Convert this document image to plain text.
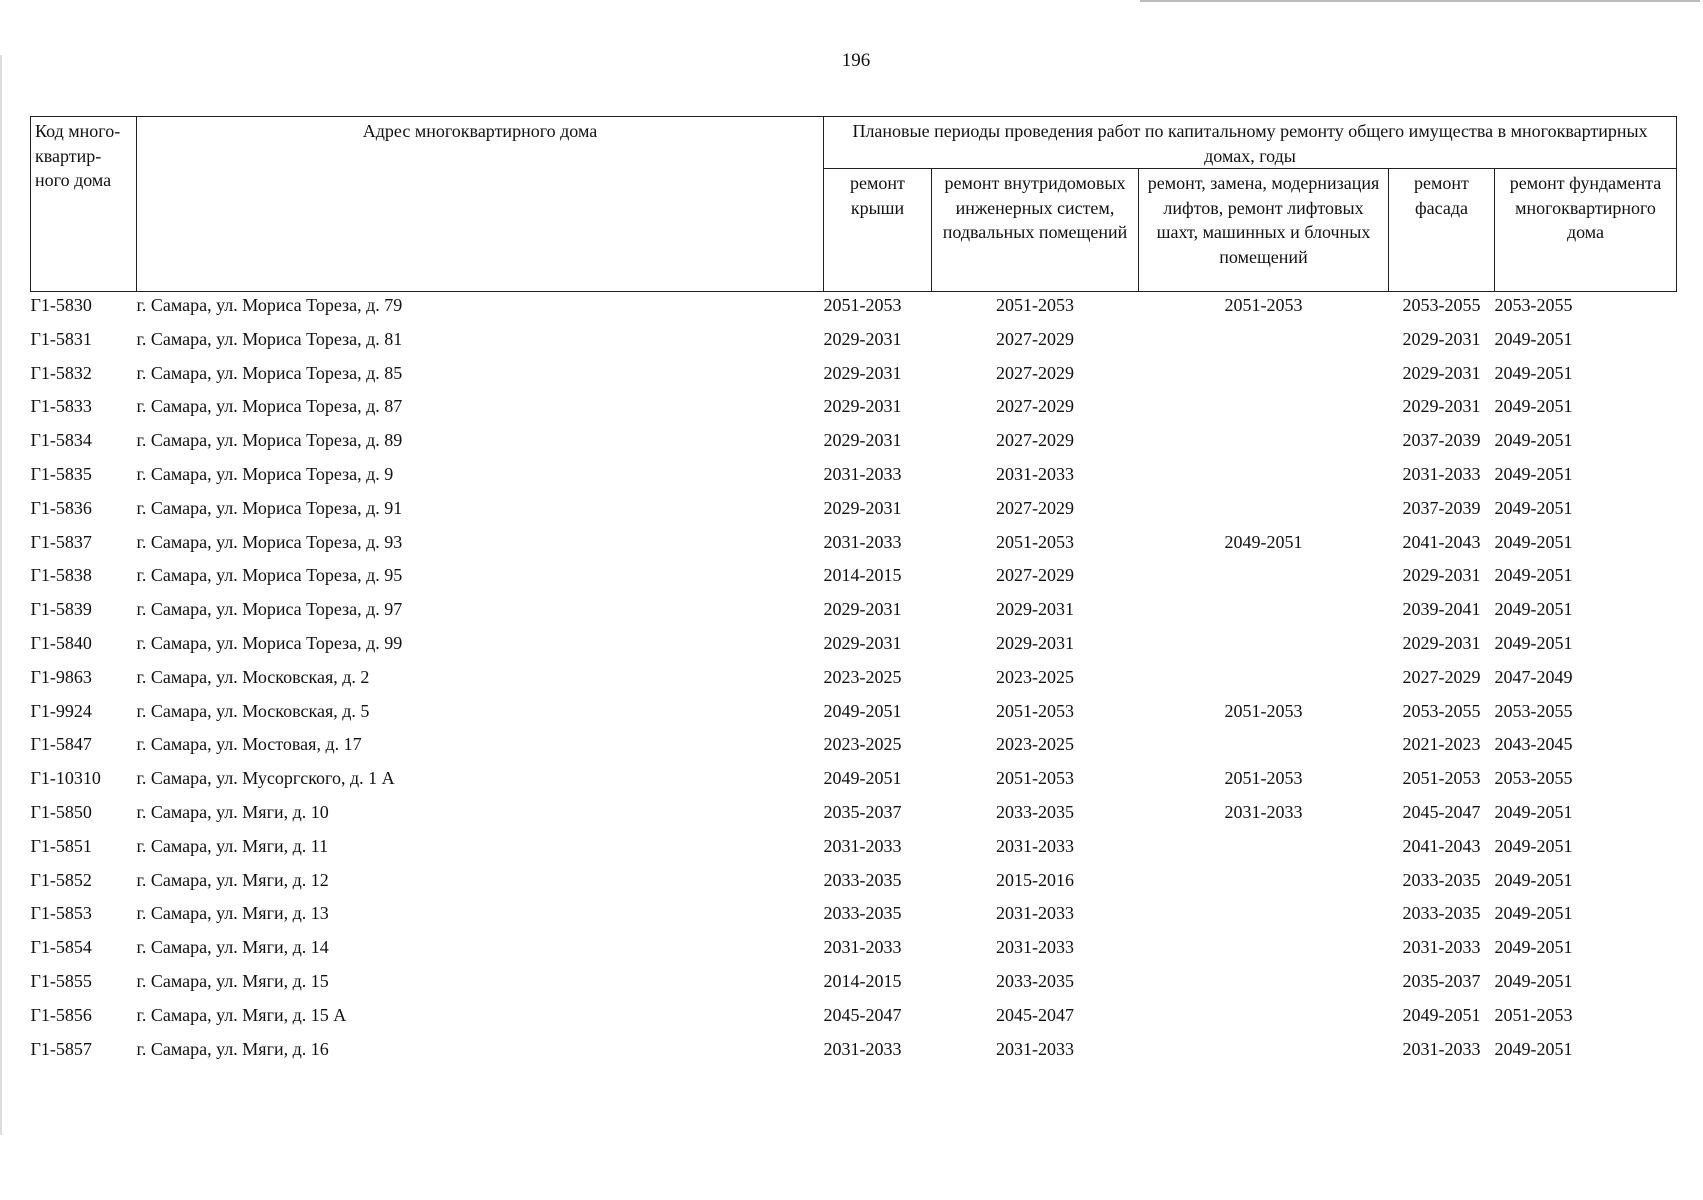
196
Код много-квартир-ного дома	Адрес многоквартирного дома	Плановые периоды проведения работ по капитальному ремонту общего имущества в многоквартирных домах, годы				
		ремонт крыши	ремонт внутридомовых инженерных систем, подвальных помещений	ремонт, замена, модернизация лифтов, ремонт лифтовых шахт, машинных и блочных помещений	ремонт фасада	ремонт фундамента многоквартирного дома
Г1-5830	г. Самара, ул. Мориса Тореза, д. 79	2051-2053	2051-2053	2051-2053	2053-2055	2053-2055
Г1-5831	г. Самара, ул. Мориса Тореза, д. 81	2029-2031	2027-2029		2029-2031	2049-2051
Г1-5832	г. Самара, ул. Мориса Тореза, д. 85	2029-2031	2027-2029		2029-2031	2049-2051
Г1-5833	г. Самара, ул. Мориса Тореза, д. 87	2029-2031	2027-2029		2029-2031	2049-2051
Г1-5834	г. Самара, ул. Мориса Тореза, д. 89	2029-2031	2027-2029		2037-2039	2049-2051
Г1-5835	г. Самара, ул. Мориса Тореза, д. 9	2031-2033	2031-2033		2031-2033	2049-2051
Г1-5836	г. Самара, ул. Мориса Тореза, д. 91	2029-2031	2027-2029		2037-2039	2049-2051
Г1-5837	г. Самара, ул. Мориса Тореза, д. 93	2031-2033	2051-2053	2049-2051	2041-2043	2049-2051
Г1-5838	г. Самара, ул. Мориса Тореза, д. 95	2014-2015	2027-2029		2029-2031	2049-2051
Г1-5839	г. Самара, ул. Мориса Тореза, д. 97	2029-2031	2029-2031		2039-2041	2049-2051
Г1-5840	г. Самара, ул. Мориса Тореза, д. 99	2029-2031	2029-2031		2029-2031	2049-2051
Г1-9863	г. Самара, ул. Московская, д. 2	2023-2025	2023-2025		2027-2029	2047-2049
Г1-9924	г. Самара, ул. Московская, д. 5	2049-2051	2051-2053	2051-2053	2053-2055	2053-2055
Г1-5847	г. Самара, ул. Мостовая, д. 17	2023-2025	2023-2025		2021-2023	2043-2045
Г1-10310	г. Самара, ул. Мусоргского, д. 1 А	2049-2051	2051-2053	2051-2053	2051-2053	2053-2055
Г1-5850	г. Самара, ул. Мяги, д. 10	2035-2037	2033-2035	2031-2033	2045-2047	2049-2051
Г1-5851	г. Самара, ул. Мяги, д. 11	2031-2033	2031-2033		2041-2043	2049-2051
Г1-5852	г. Самара, ул. Мяги, д. 12	2033-2035	2015-2016		2033-2035	2049-2051
Г1-5853	г. Самара, ул. Мяги, д. 13	2033-2035	2031-2033		2033-2035	2049-2051
Г1-5854	г. Самара, ул. Мяги, д. 14	2031-2033	2031-2033		2031-2033	2049-2051
Г1-5855	г. Самара, ул. Мяги, д. 15	2014-2015	2033-2035		2035-2037	2049-2051
Г1-5856	г. Самара, ул. Мяги, д. 15 А	2045-2047	2045-2047		2049-2051	2051-2053
Г1-5857	г. Самара, ул. Мяги, д. 16	2031-2033	2031-2033		2031-2033	2049-2051
